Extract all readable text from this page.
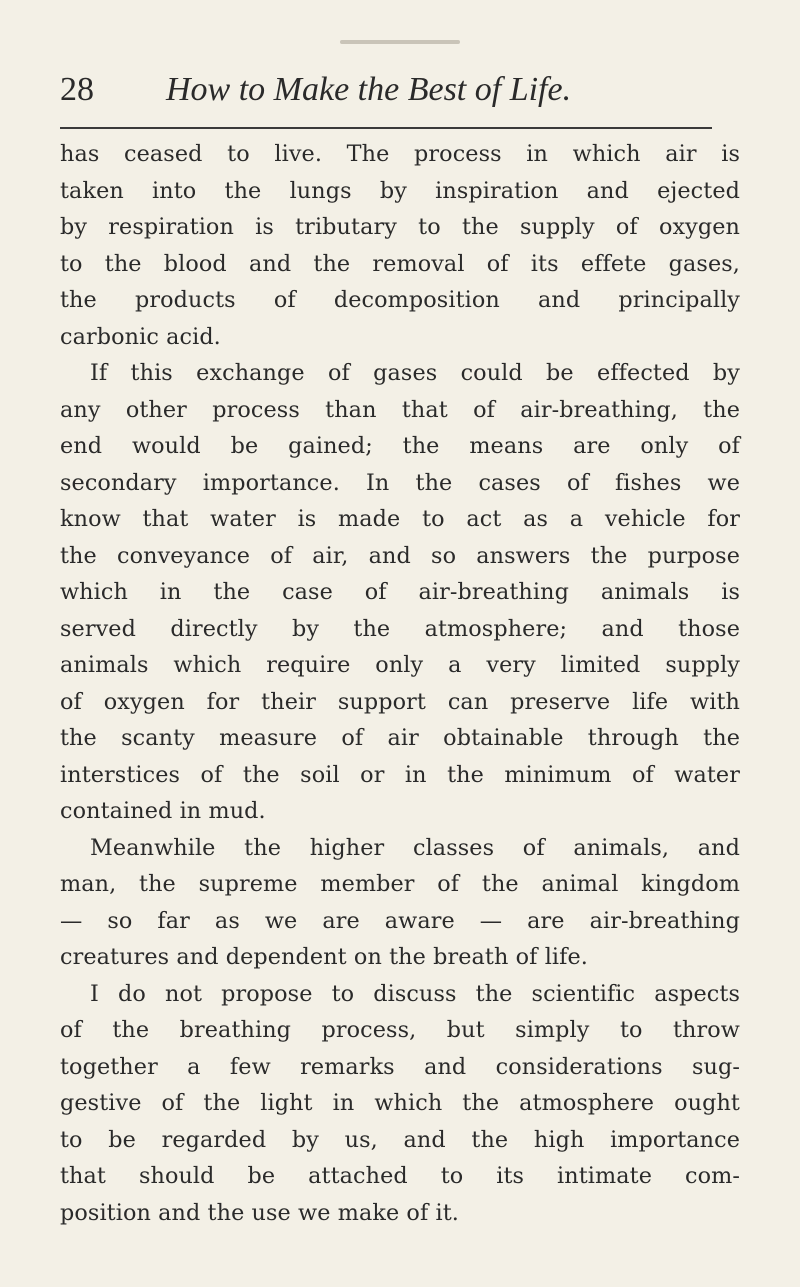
28 How to Make the Best of Life.
has ceased to live. The process in which air is
taken into the lungs by inspiration and ejected
by respiration is tributary to the supply of oxygen
to the blood and the removal of its effete gases,
the products of decomposition and principally
carbonic acid.
If this exchange of gases could be effected by
any other process than that of air-breathing, the
end would be gained; the means are only of
secondary importance. In the cases of fishes we
know that water is made to act as a vehicle for
the conveyance of air, and so answers the purpose
which in the case of air-breathing animals is
served directly by the atmosphere; and those
animals which require only a very limited supply
of oxygen for their support can preserve life with
the scanty measure of air obtainable through the
interstices of the soil or in the minimum of water
contained in mud.
Meanwhile the higher classes of animals, and
man, the supreme member of the animal kingdom
— so far as we are aware — are air-breathing
creatures and dependent on the breath of life.
I do not propose to discuss the scientific aspects
of the breathing process, but simply to throw
together a few remarks and considerations sug-
gestive of the light in which the atmosphere ought
to be regarded by us, and the high importance
that should be attached to its intimate com-
position and the use we make of it.
